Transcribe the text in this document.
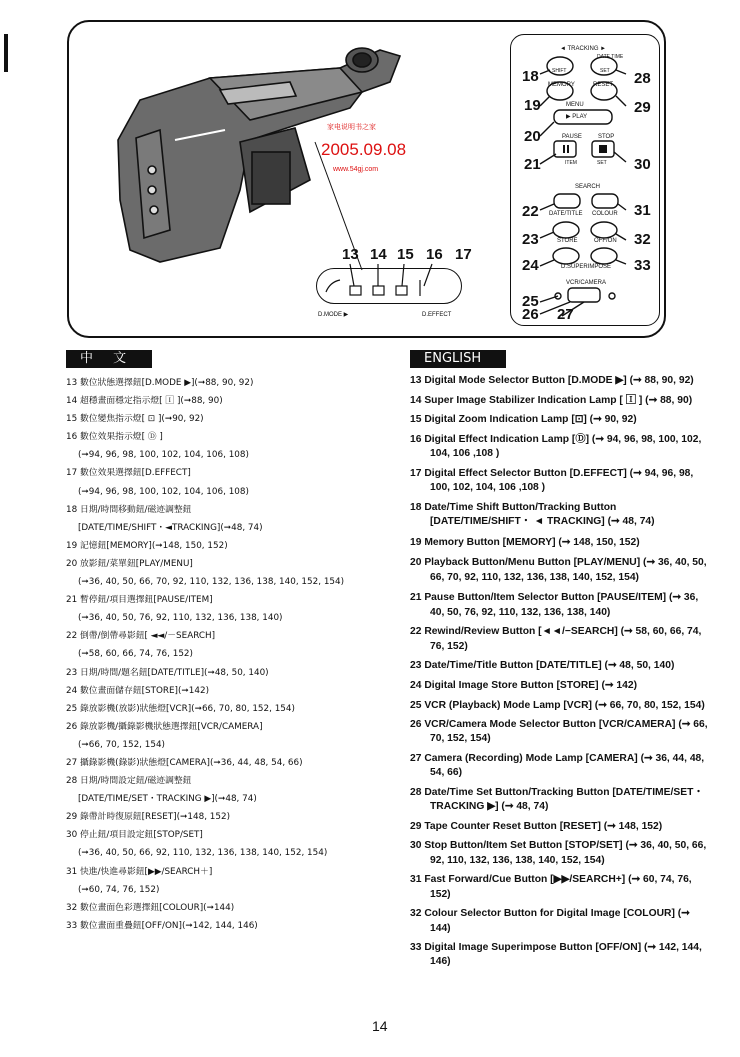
家电说明书之家
2005.09.08
www.54gj.com
13 14 15 16 17
D.MODE ▶	D.EFFECT
◄ TRACKING ►
DATE TIME
SHIFT	SET
MEMORY	RESET
MENU
▶ PLAY
PAUSE	STOP
ITEM	SET
SEARCH
DATE/TITLE COLOUR
STORE	OFF/ON
D.SUPERIMPOSE
VCR/CAMERA
18
19
20
21
22
23
24
25
26 27
28
29
30
31
32
33
中 文	ENGLISH
13 數位狀態選擇鈕[D.MODE ▶](➞88, 90, 92)
14 超穩畫面穩定指示燈[ 🄸 ](➞88, 90)
15 數位變焦指示燈[ ⊡ ](➞90, 92)
16 數位效果指示燈[ Ⓓ ]
(➞94, 96, 98, 100, 102, 104, 106, 108)
17 數位效果選擇鈕[D.EFFECT]
(➞94, 96, 98, 100, 102, 104, 106, 108)
18 日期/時間移動鈕/磁迹調整鈕
[DATE/TIME/SHIFT・◄TRACKING](➞48, 74)
19 記憶鈕[MEMORY](➞148, 150, 152)
20 放影鈕/菜單鈕[PLAY/MENU]
(➞36, 40, 50, 66, 70, 92, 110, 132, 136, 138, 140, 152, 154)
21 暫停鈕/項目選擇鈕[PAUSE/ITEM]
(➞36, 40, 50, 76, 92, 110, 132, 136, 138, 140)
22 倒帶/倒帶尋影鈕[ ◄◄/－SEARCH]
(➞58, 60, 66, 74, 76, 152)
23 日期/時間/題名鈕[DATE/TITLE](➞48, 50, 140)
24 數位畫面儲存鈕[STORE](➞142)
25 錄放影機(放影)狀態燈[VCR](➞66, 70, 80, 152, 154)
26 錄放影機/攝錄影機狀態選擇鈕[VCR/CAMERA]
(➞66, 70, 152, 154)
27 攝錄影機(錄影)狀態燈[CAMERA](➞36, 44, 48, 54, 66)
28 日期/時間設定鈕/磁迹調整鈕
[DATE/TIME/SET・TRACKING ▶](➞48, 74)
29 錄帶計時復原鈕[RESET](➞148, 152)
30 停止鈕/項目設定鈕[STOP/SET]
(➞36, 40, 50, 66, 92, 110, 132, 136, 138, 140, 152, 154)
31 快進/快進尋影鈕[▶▶/SEARCH＋]
(➞60, 74, 76, 152)
32 數位畫面色彩選擇鈕[COLOUR](➞144)
33 數位畫面重疊鈕[OFF/ON](➞142, 144, 146)
13 Digital Mode Selector Button [D.MODE ▶] (➞ 88, 90, 92)
14 Super Image Stabilizer Indication Lamp [ 🄸 ] (➞ 88, 90)
15 Digital Zoom Indication Lamp [⊡] (➞ 90, 92)
16 Digital Effect Indication Lamp [Ⓓ] (➞ 94, 96, 98, 100, 102, 104, 106 ,108 )
17 Digital Effect Selector Button [D.EFFECT] (➞ 94, 96, 98, 100, 102, 104, 106 ,108 )
18 Date/Time Shift Button/Tracking Button [DATE/TIME/SHIFT・ ◄ TRACKING] (➞ 48, 74)
19 Memory Button [MEMORY] (➞ 148, 150, 152)
20 Playback Button/Menu Button [PLAY/MENU] (➞ 36, 40, 50, 66, 70, 92, 110, 132, 136, 138, 140, 152, 154)
21 Pause Button/Item Selector Button [PAUSE/ITEM] (➞ 36, 40, 50, 76, 92, 110, 132, 136, 138, 140)
22 Rewind/Review Button [◄◄/−SEARCH] (➞ 58, 60, 66, 74, 76, 152)
23 Date/Time/Title Button [DATE/TITLE] (➞ 48, 50, 140)
24 Digital Image Store Button [STORE] (➞ 142)
25 VCR (Playback) Mode Lamp [VCR] (➞ 66, 70, 80, 152, 154)
26 VCR/Camera Mode Selector Button [VCR/CAMERA] (➞ 66, 70, 152, 154)
27 Camera (Recording) Mode Lamp [CAMERA] (➞ 36, 44, 48, 54, 66)
28 Date/Time Set Button/Tracking Button [DATE/TIME/SET・TRACKING ▶] (➞ 48, 74)
29 Tape Counter Reset Button [RESET] (➞ 148, 152)
30 Stop Button/Item Set Button [STOP/SET] (➞ 36, 40, 50, 66, 92, 110, 132, 136, 138, 140, 152, 154)
31 Fast Forward/Cue Button [▶▶/SEARCH+] (➞ 60, 74, 76, 152)
32 Colour Selector Button for Digital Image [COLOUR] (➞ 144)
33 Digital Image Superimpose Button [OFF/ON] (➞ 142, 144, 146)
14
